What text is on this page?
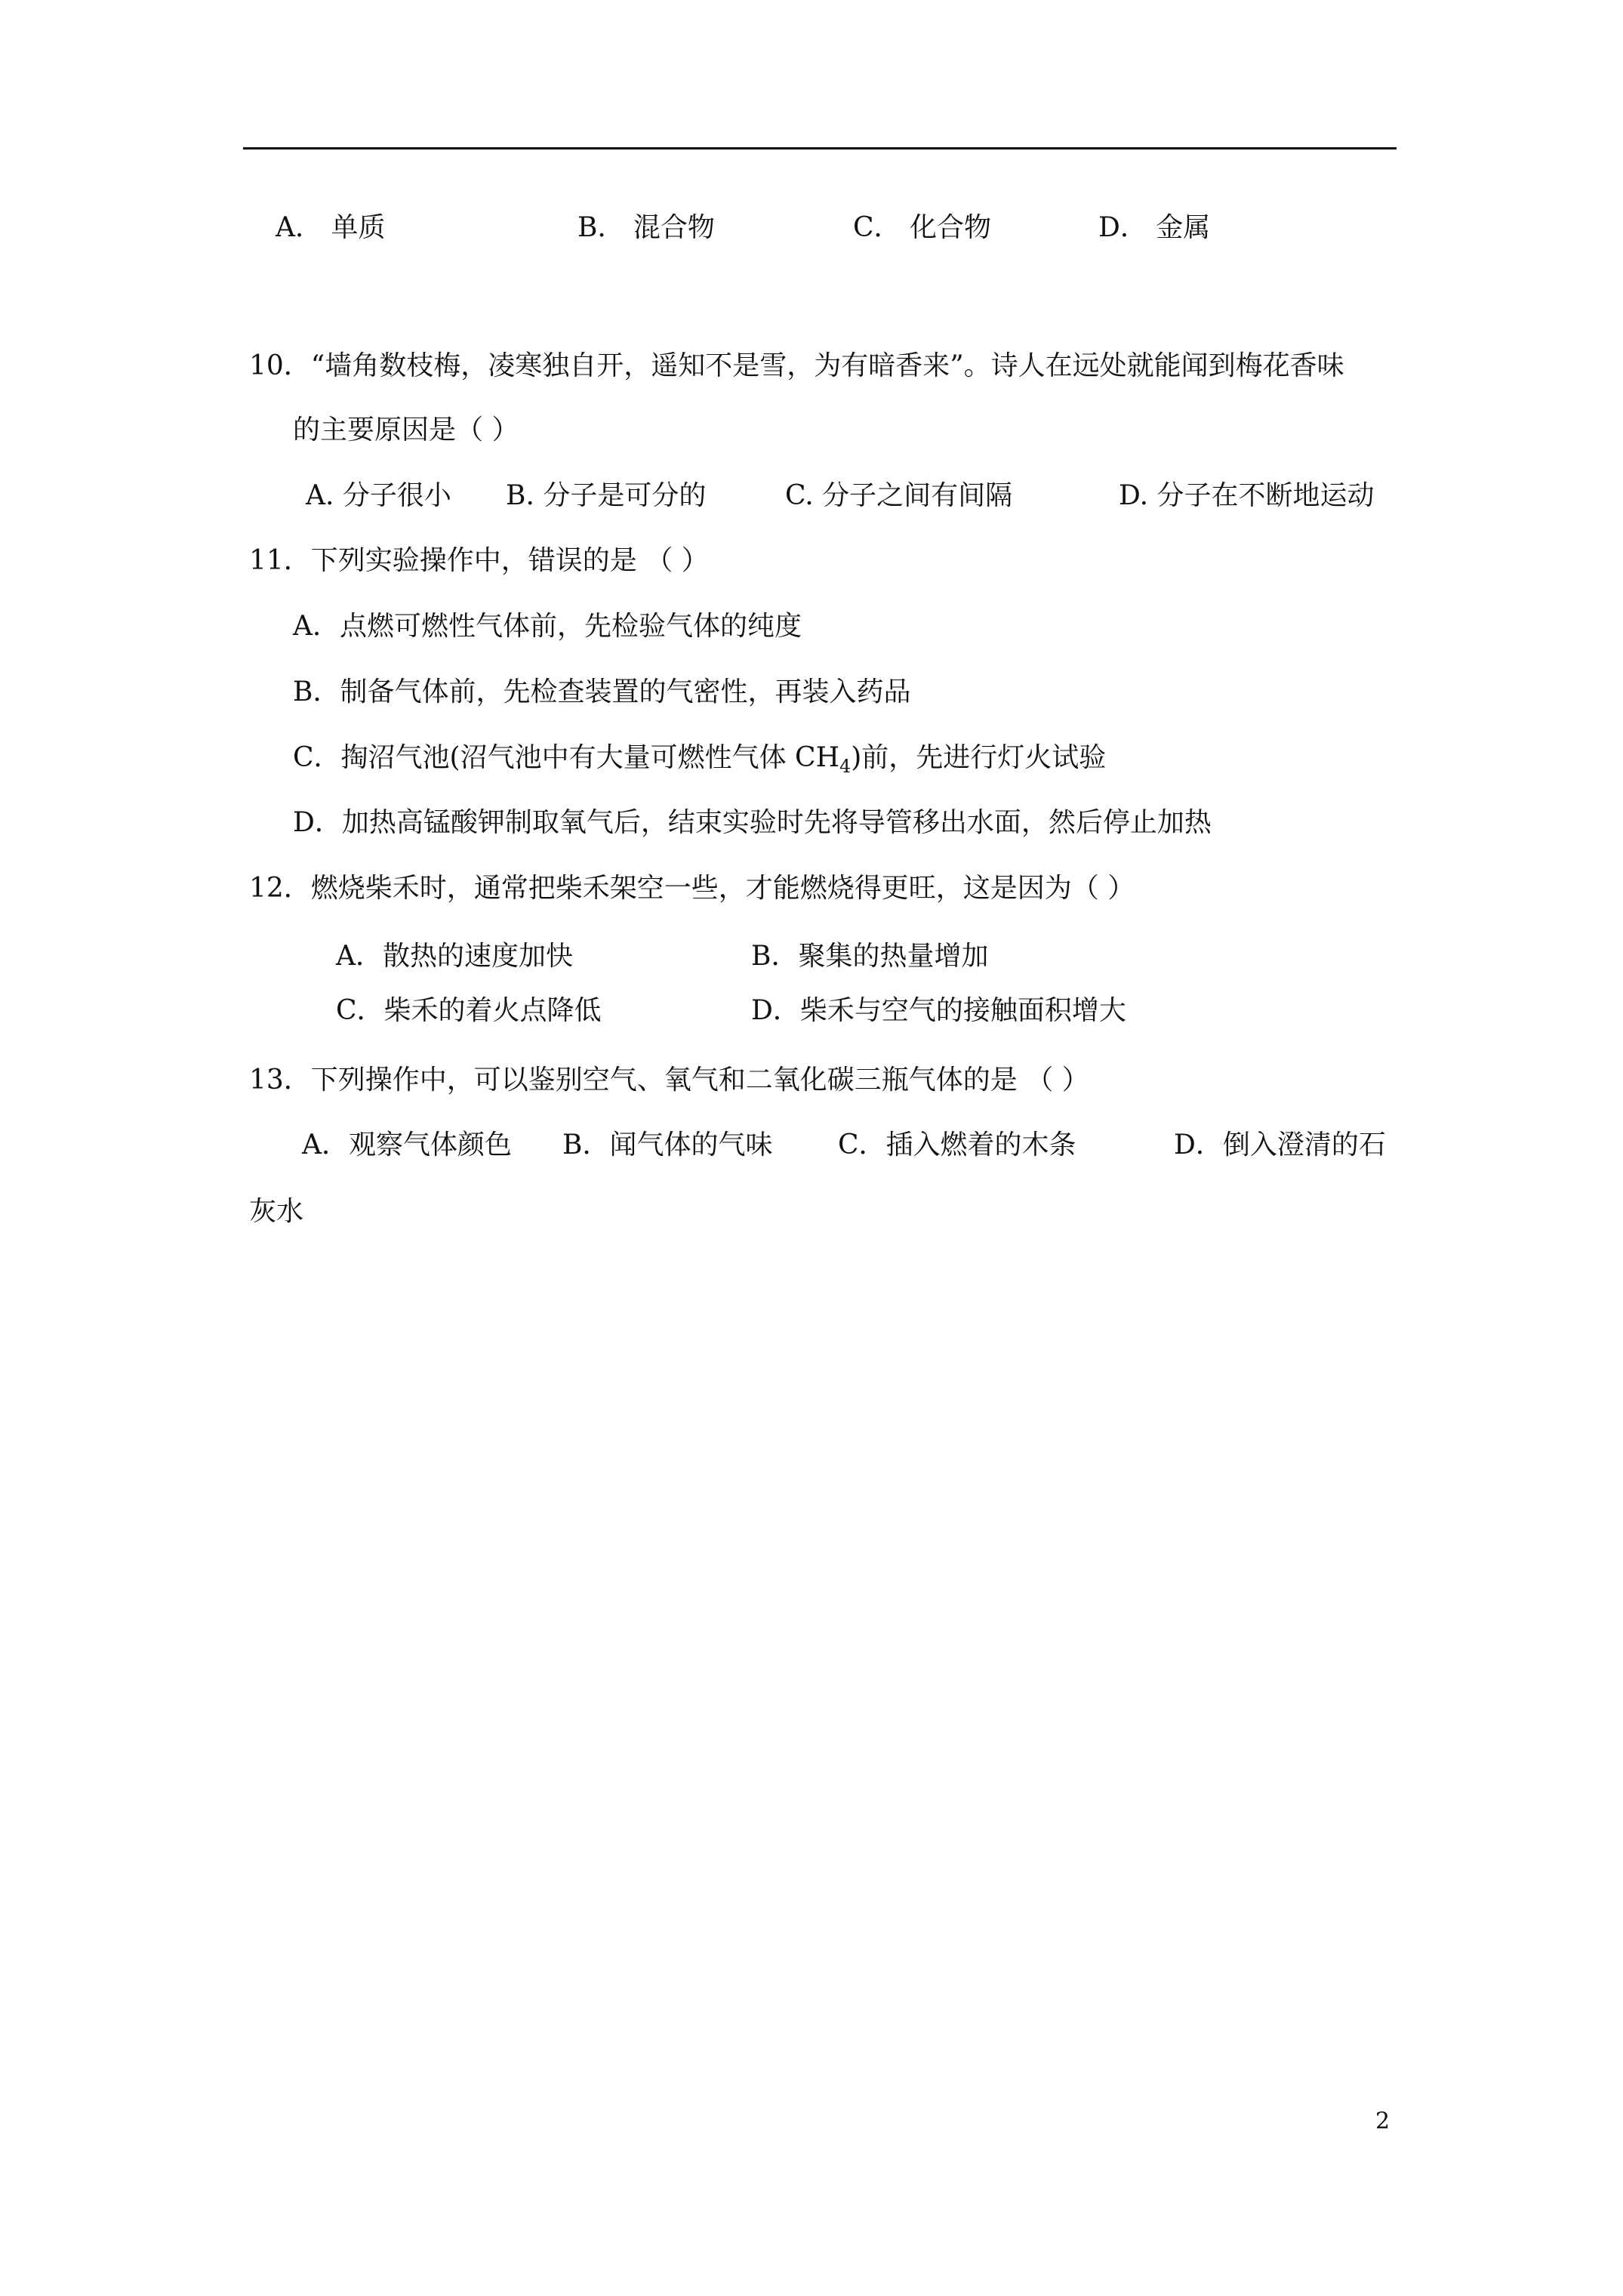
A． 单质	B． 混合物	C． 化合物	D． 金属
10．“墙角数枝梅，凌寒独自开，遥知不是雪，为有暗香来”。诗人在远处就能闻到梅花香味
的主要原因是（ ）
A. 分子很小 B. 分子是可分的	C. 分子之间有间隔	D. 分子在不断地运动
11．下列实验操作中，错误的是 （ ）
A．点燃可燃性气体前，先检验气体的纯度
B．制备气体前，先检查装置的气密性，再装入药品
C．掏沼气池(沼气池中有大量可燃性气体 $CH_4$)前，先进行灯火试验
D．加热高锰酸钾制取氧气后，结束实验时先将导管移出水面，然后停止加热
12．燃烧柴禾时，通常把柴禾架空一些，才能燃烧得更旺，这是因为（ ）
A．散热的速度加快	B．聚集的热量增加
C．柴禾的着火点降低	D．柴禾与空气的接触面积增大
13．下列操作中，可以鉴别空气、氧气和二氧化碳三瓶气体的是 （ ）
A．观察气体颜色 B．闻气体的气味 C．插入燃着的木条	D．倒入澄清的石
灰水
2
